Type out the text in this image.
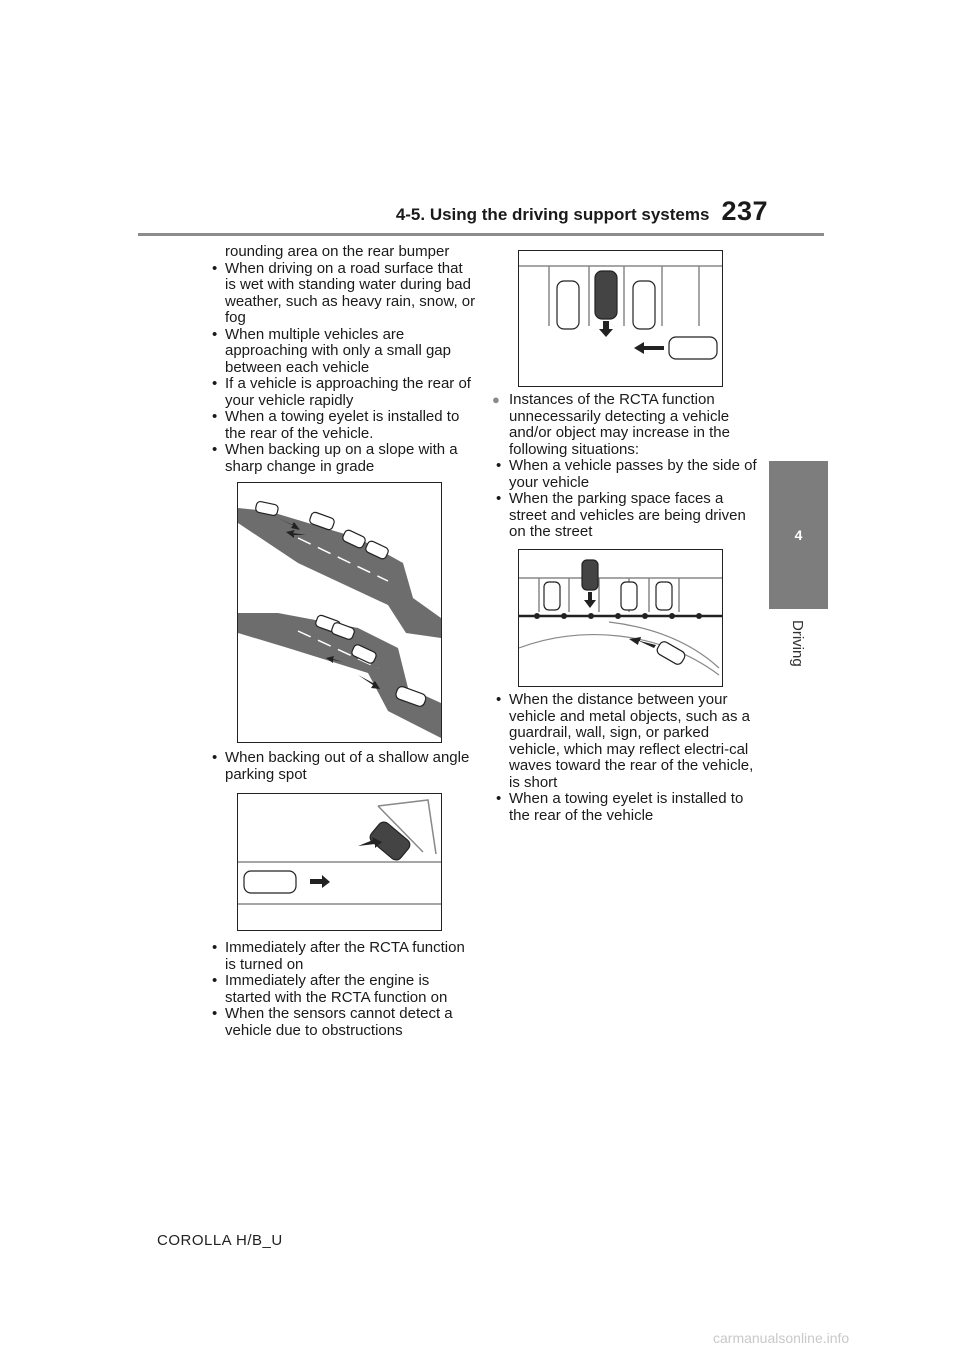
4-5. Using the driving support systems 237
4
Driving
rounding area on the rear bumper
• When driving on a road surface that is wet with standing water during bad weather, such as heavy rain, snow, or fog
• When multiple vehicles are approaching with only a small gap between each vehicle
• If a vehicle is approaching the rear of your vehicle rapidly
• When a towing eyelet is installed to the rear of the vehicle.
• When backing up on a slope with a sharp change in grade
• When backing out of a shallow angle parking spot
• Immediately after the RCTA function is turned on
• Immediately after the engine is started with the RCTA function on
• When the sensors cannot detect a vehicle due to obstructions
● Instances of the RCTA function unnecessarily detecting a vehicle and/or object may increase in the following situations:
• When a vehicle passes by the side of your vehicle
• When the parking space faces a street and vehicles are being driven on the street
• When the distance between your vehicle and metal objects, such as a guardrail, wall, sign, or parked vehicle, which may reflect electri-cal waves toward the rear of the vehicle, is short
• When a towing eyelet is installed to the rear of the vehicle
COROLLA H/B_U
carmanualsonline.info
